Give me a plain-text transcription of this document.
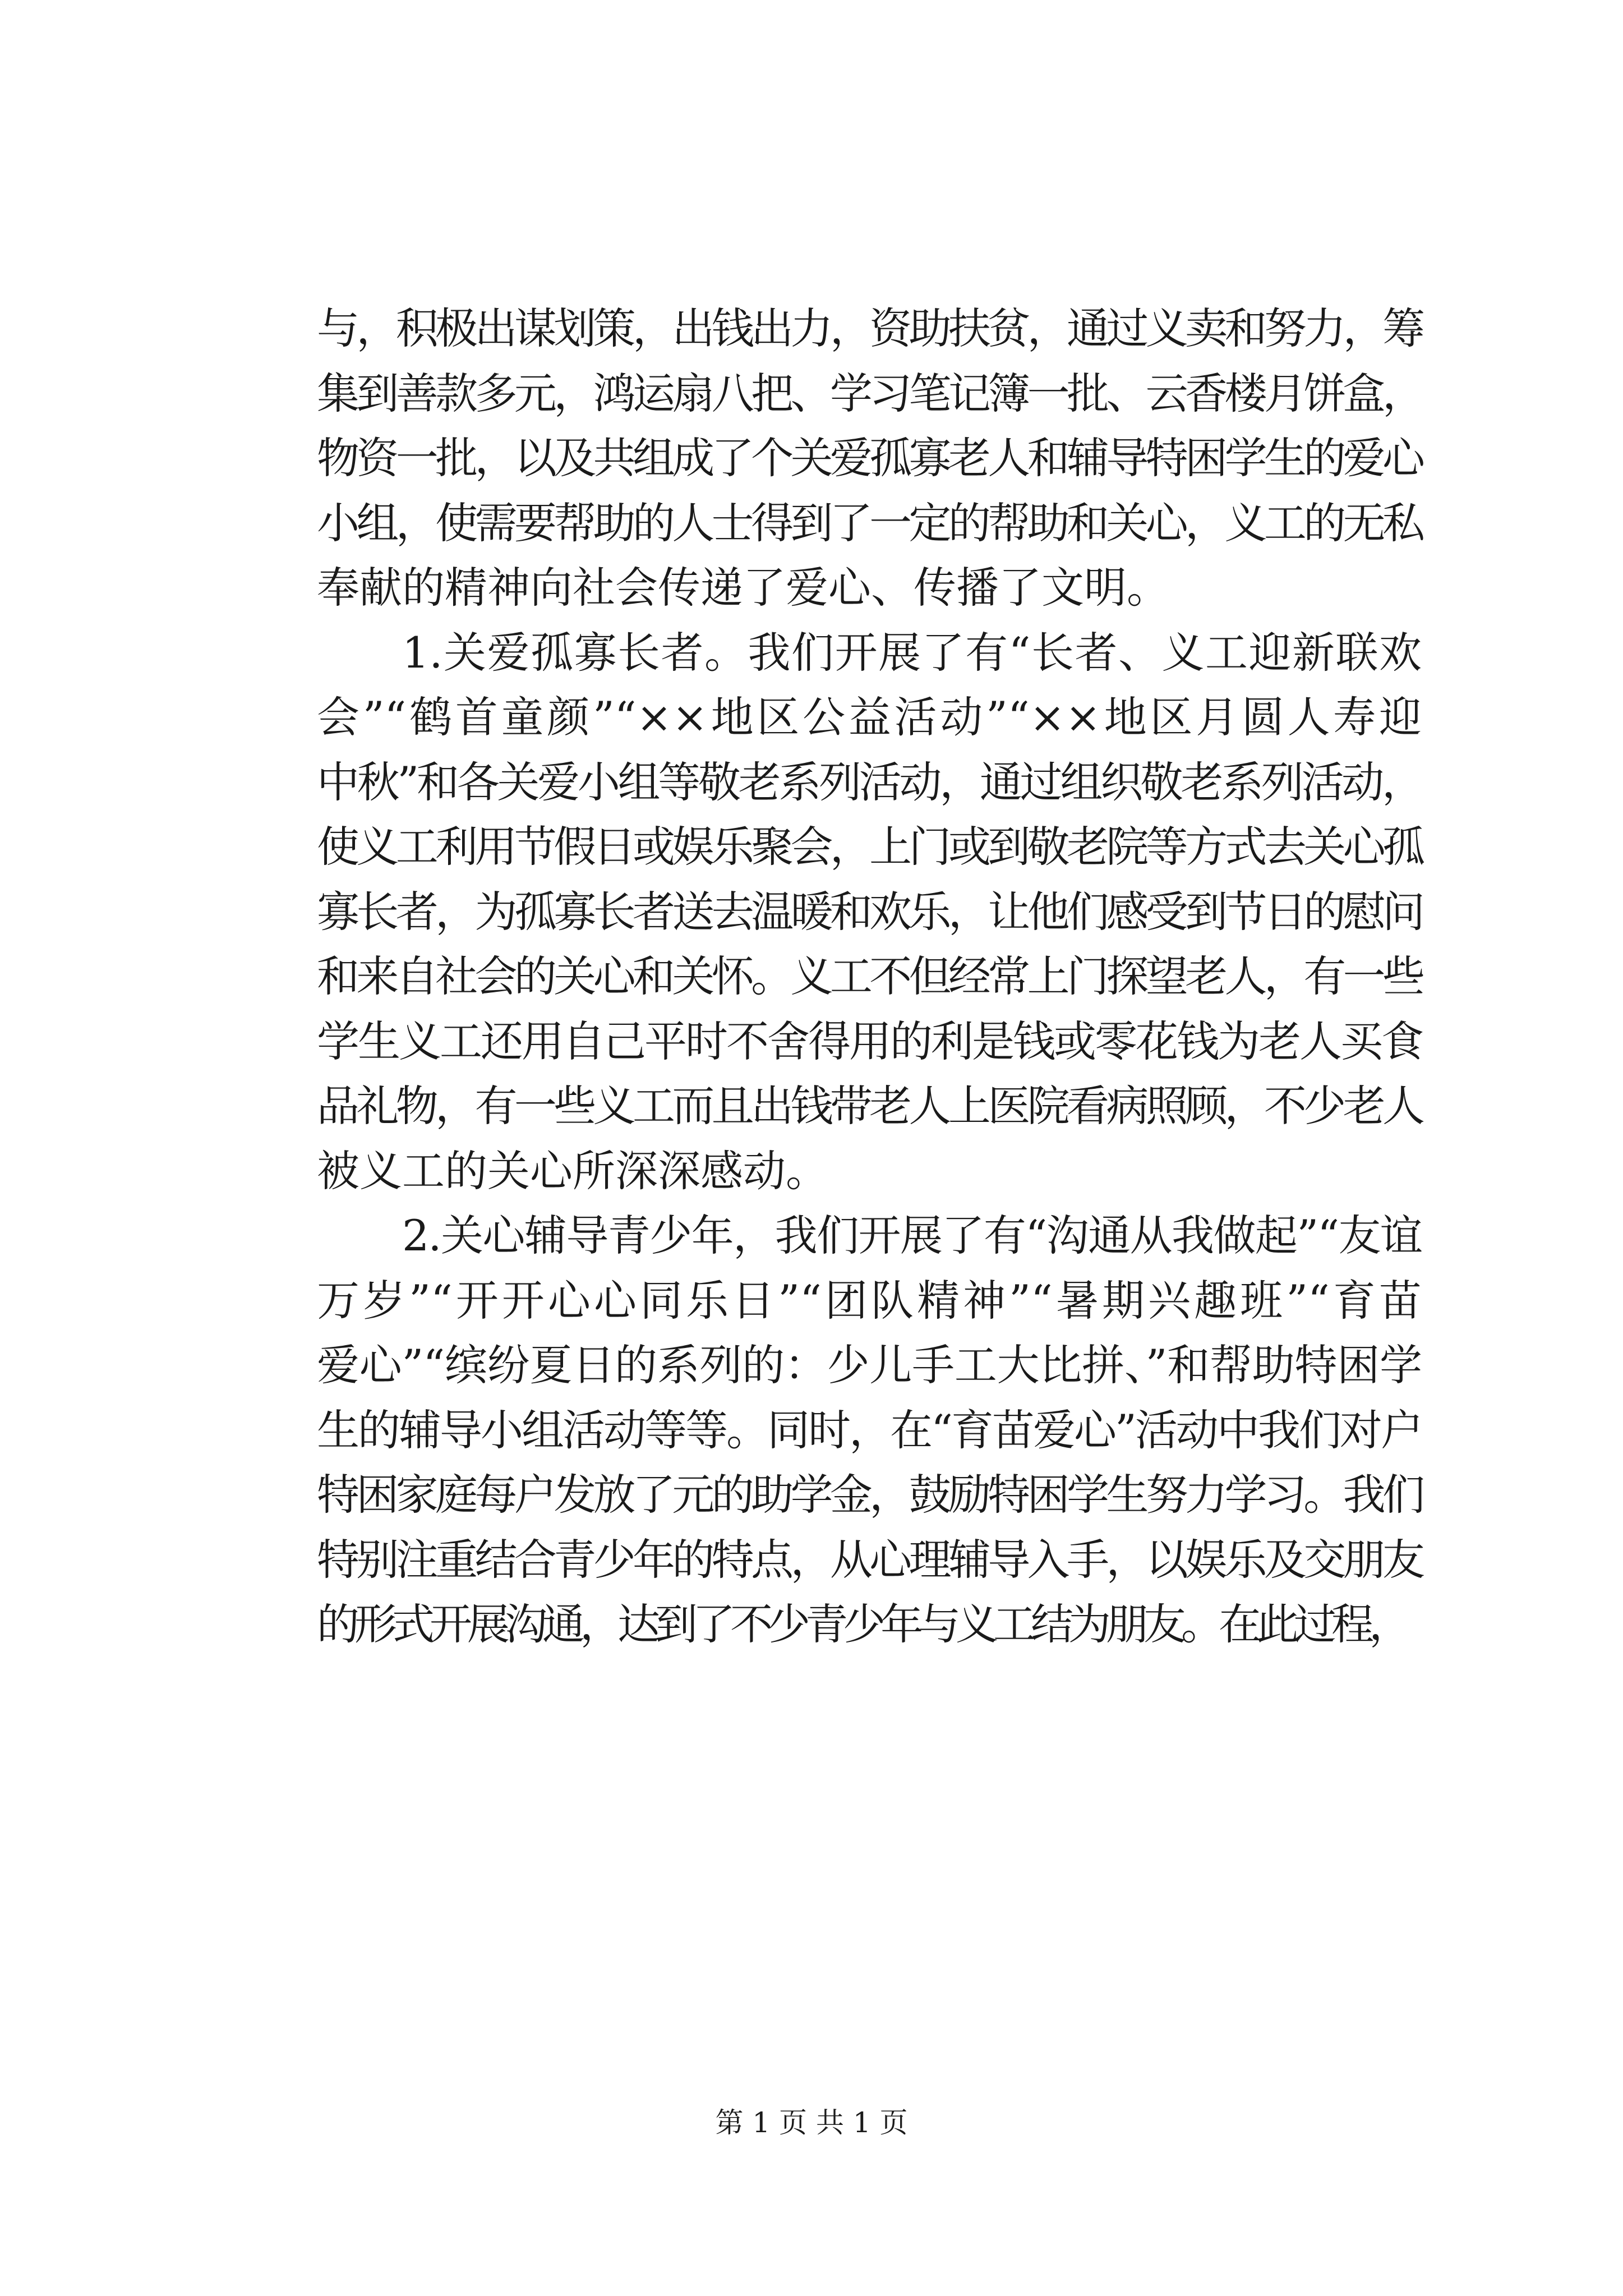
与，积极出谋划策，出钱出力，资助扶贫，通过义卖和努力，筹
集到善款多元，鸿运扇八把、学习笔记簿一批、云香楼月饼盒，
物资一批，以及共组成了个关爱孤寡老人和辅导特困学生的爱心
小组，使需要帮助的人士得到了一定的帮助和关心，义工的无私
奉献的精神向社会传递了爱心、传播了文明。
1.关爱孤寡长者。我们开展了有“长者、义工迎新联欢
会”“鹤首童颜”“××地区公益活动”“××地区月圆人寿迎
中秋”和各关爱小组等敬老系列活动，通过组织敬老系列活动，
使义工利用节假日或娱乐聚会，上门或到敬老院等方式去关心孤
寡长者，为孤寡长者送去温暖和欢乐，让他们感受到节日的慰问
和来自社会的关心和关怀。义工不但经常上门探望老人，有一些
学生义工还用自己平时不舍得用的利是钱或零花钱为老人买食
品礼物，有一些义工而且出钱带老人上医院看病照顾，不少老人
被义工的关心所深深感动。
2.关心辅导青少年，我们开展了有“沟通从我做起”“友谊
万岁”“开开心心同乐日”“团队精神”“暑期兴趣班”“育苗
爱心”“缤纷夏日的系列的：少儿手工大比拼、”和帮助特困学
生的辅导小组活动等等。同时，在“育苗爱心”活动中我们对户
特困家庭每户发放了元的助学金，鼓励特困学生努力学习。我们
特别注重结合青少年的特点，从心理辅导入手，以娱乐及交朋友
的形式开展沟通，达到了不少青少年与义工结为朋友。在此过程，
第 1 页 共 1 页
